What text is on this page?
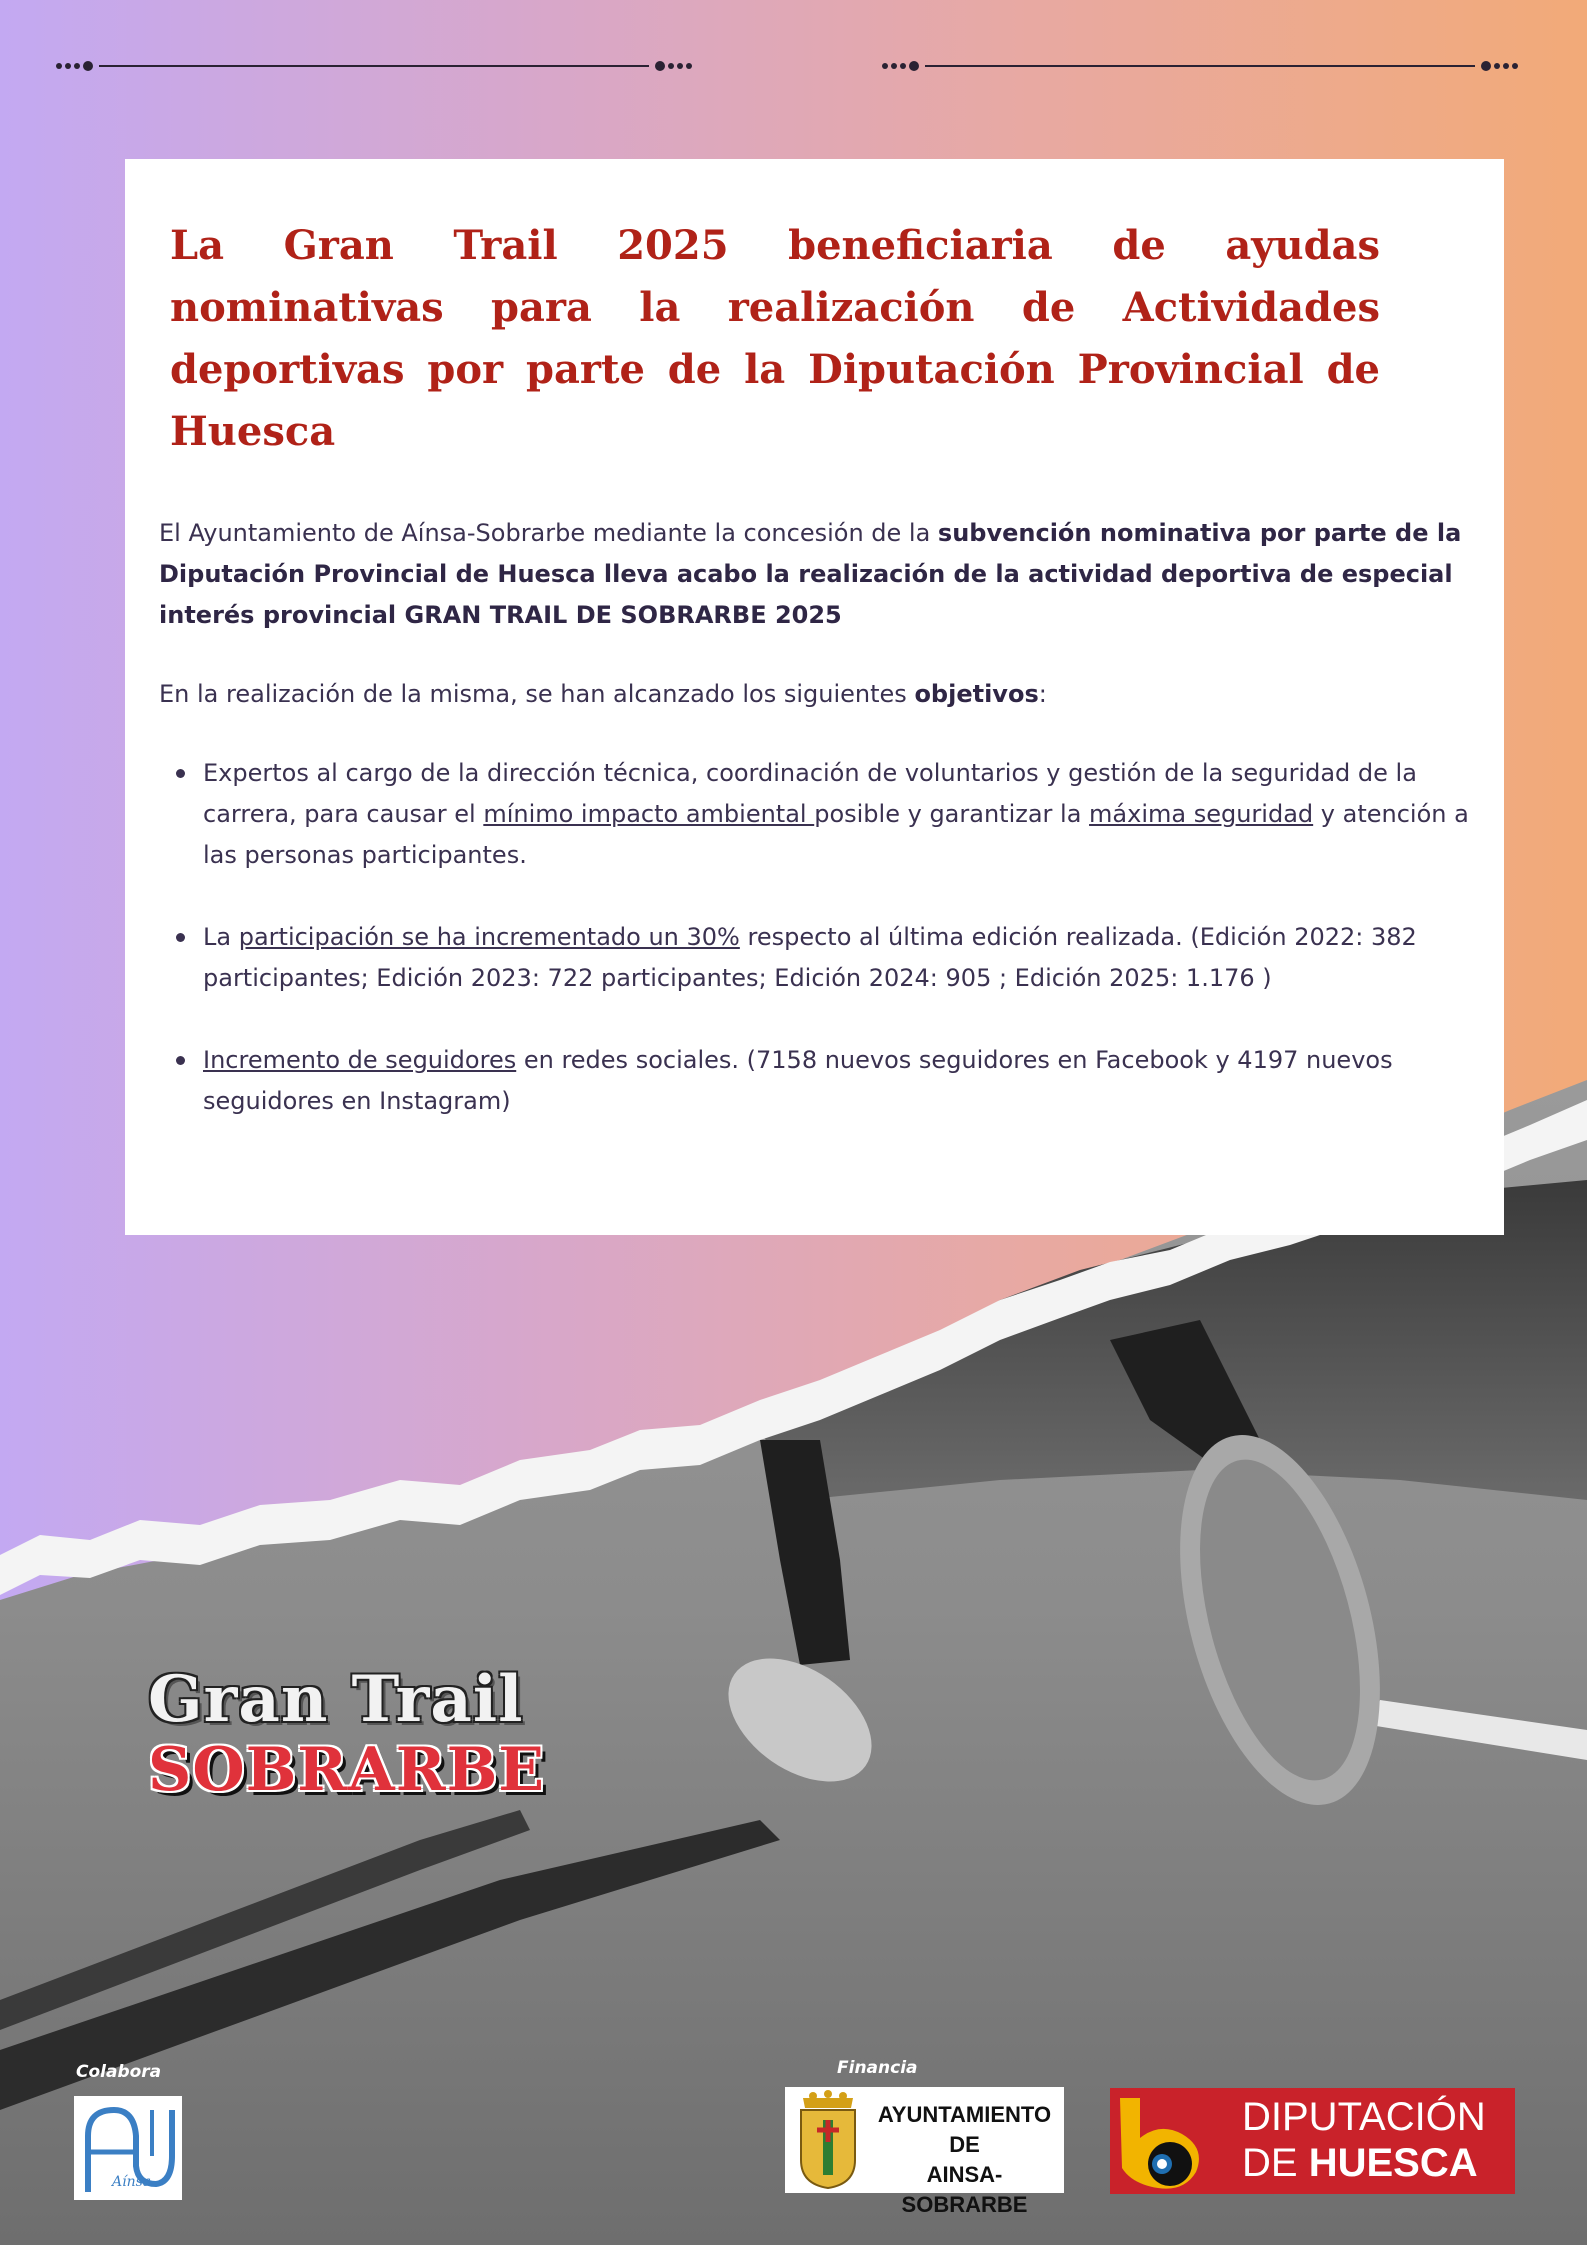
La Gran Trail 2025 beneficiaria de ayudas nominativas para la realización de Actividades deportivas por parte de la Diputación Provincial de Huesca

El Ayuntamiento de Aínsa-Sobrarbe mediante la concesión de la subvención nominativa por parte de la Diputación Provincial de Huesca lleva acabo la realización de la actividad deportiva de especial interés provincial GRAN TRAIL DE SOBRARBE 2025

En la realización de la misma, se han alcanzado los siguientes objetivos:

Expertos al cargo de la dirección técnica, coordinación de voluntarios y gestión de la seguridad de la carrera, para causar el mínimo impacto ambiental posible y garantizar la máxima seguridad y atención a las personas participantes.
La participación se ha incrementado un 30% respecto al última edición realizada. (Edición 2022: 382 participantes; Edición 2023: 722 participantes; Edición 2024: 905 ; Edición 2025: 1.176 )
Incremento de seguidores en redes sociales. (7158 nuevos seguidores en Facebook y 4197 nuevos seguidores en Instagram)
Gran Trail
SOBRARBE
Colabora	Financia
Aínsa
AYUNTAMIENTO DE
AINSA-SOBRARBE
DIPUTACIÓN
DE HUESCA
